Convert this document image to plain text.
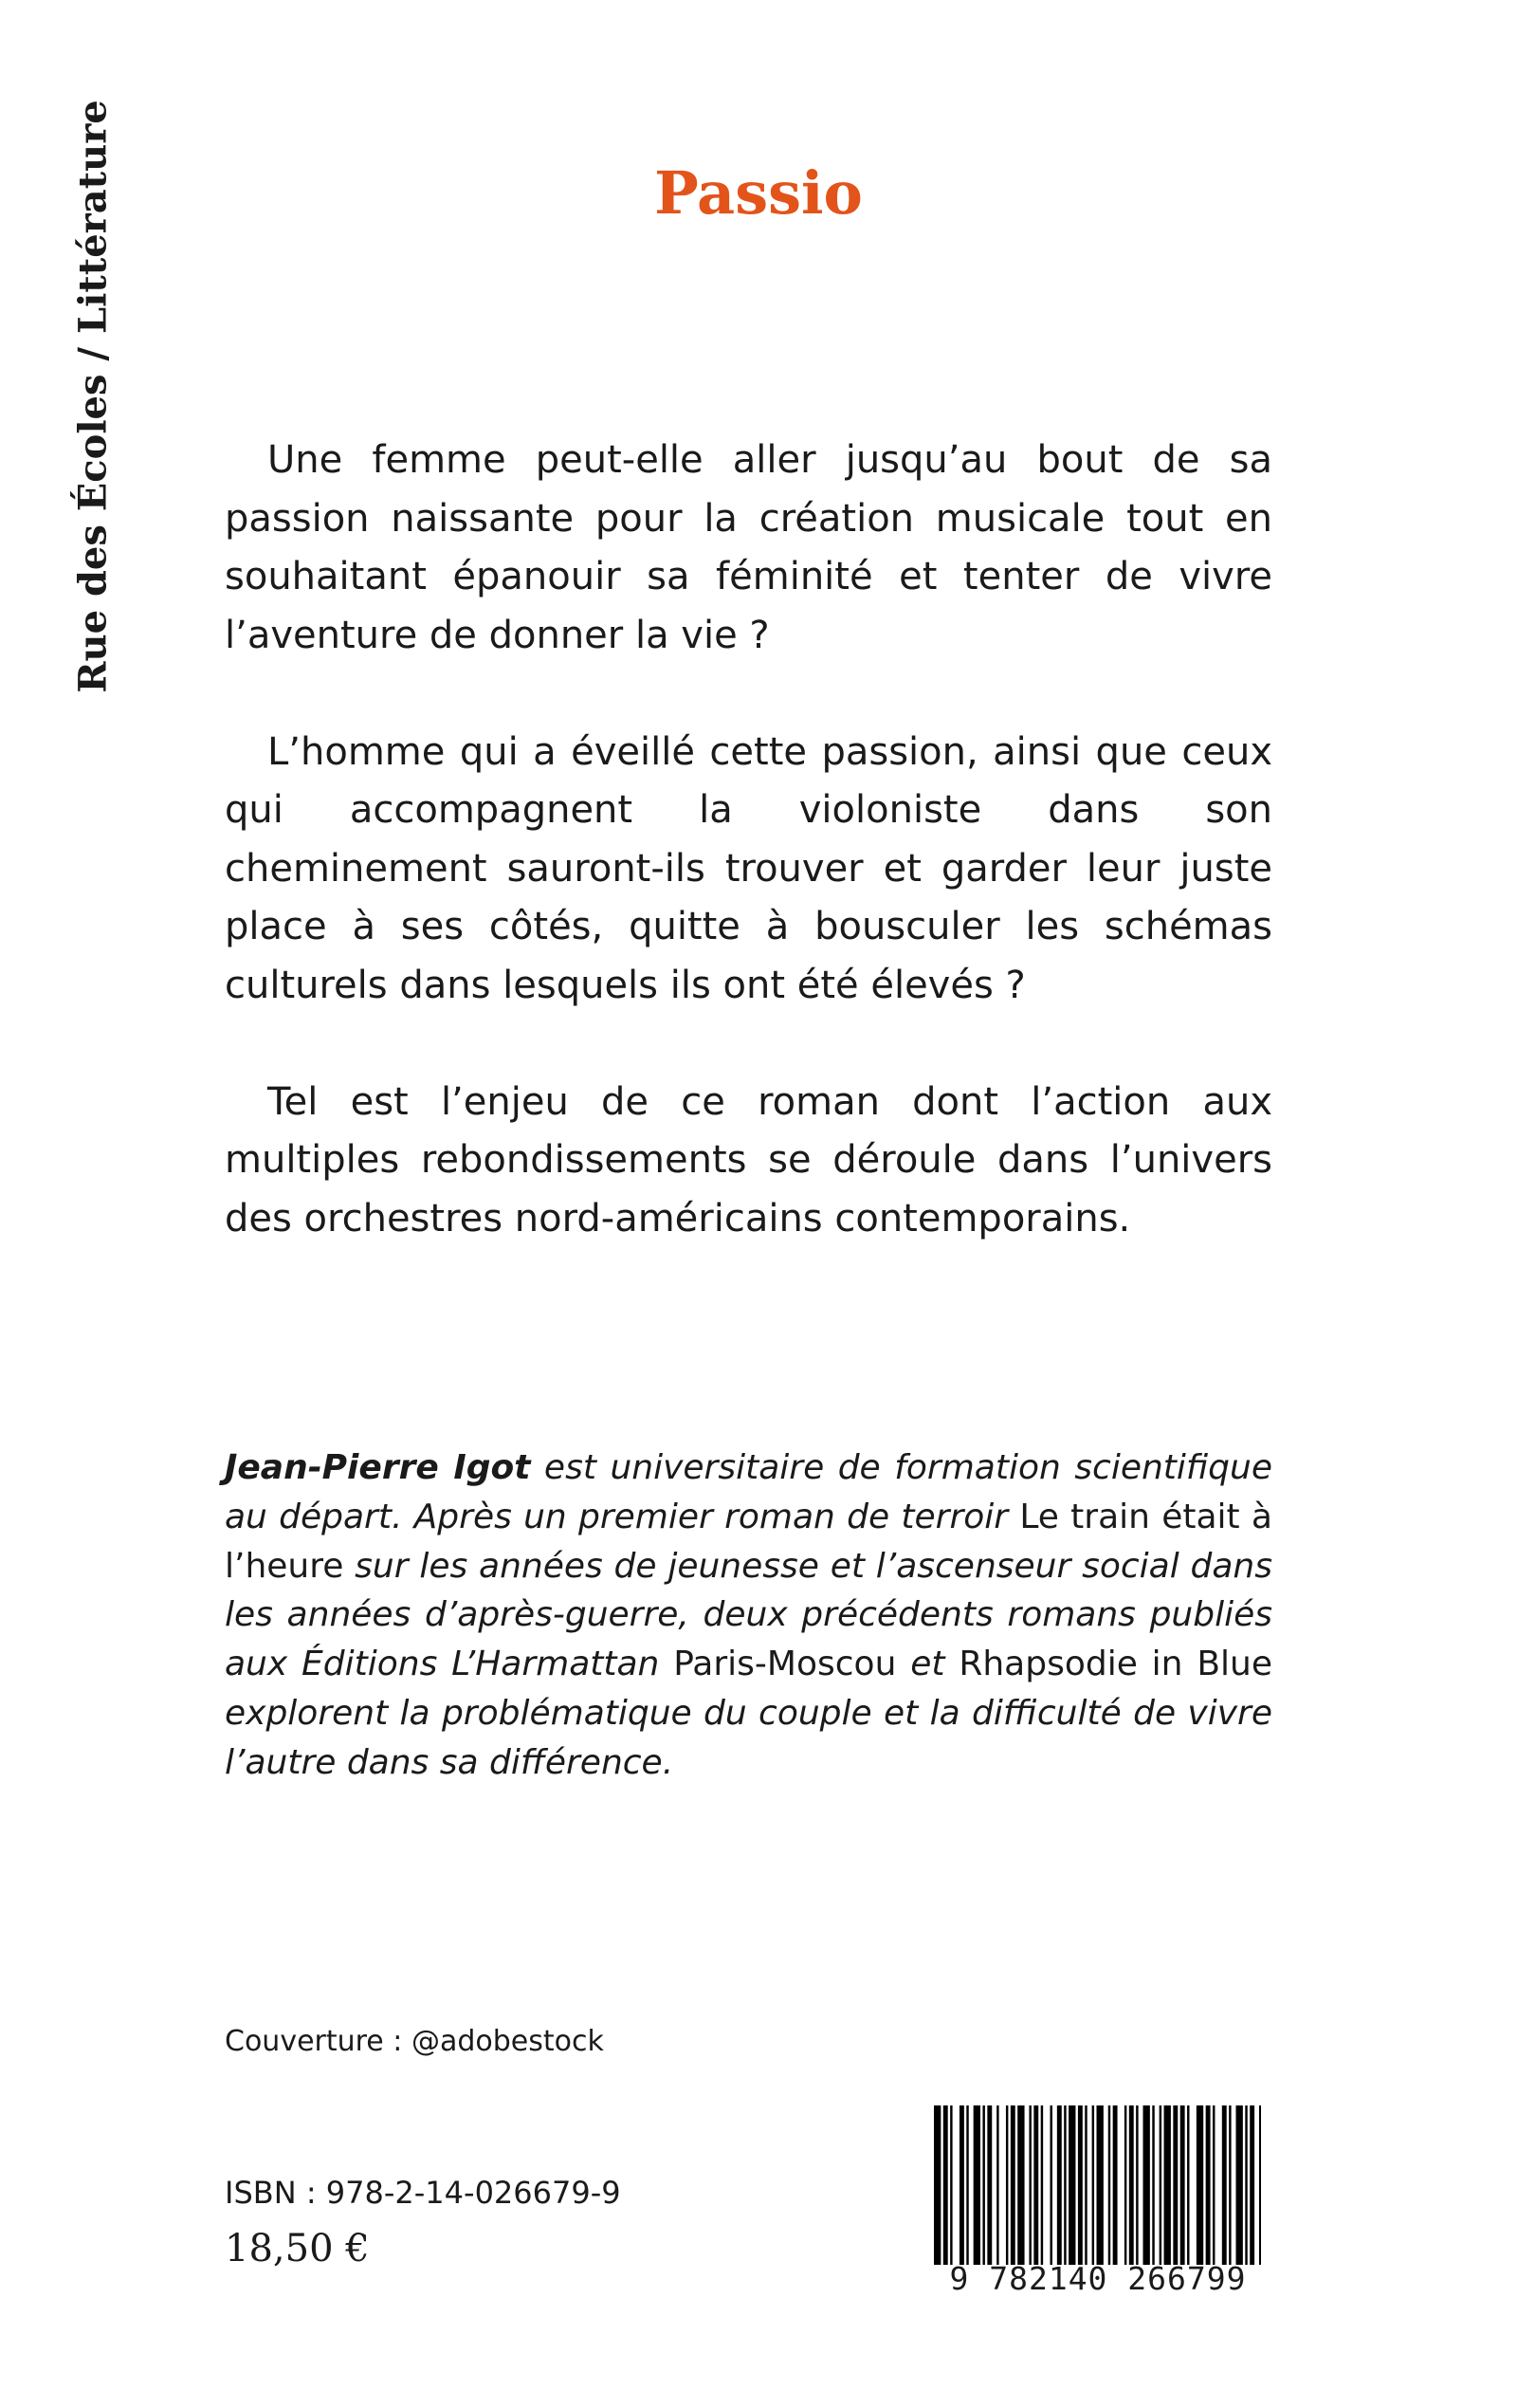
Rue des Écoles / Littérature	Passio

Une femme peut-elle aller jusqu’au bout de sa passion naissante pour la création musicale tout en souhaitant épanouir sa féminité et tenter de vivre l’aventure de donner la vie ?

L’homme qui a éveillé cette passion, ainsi que ceux qui accompagnent la violoniste dans son cheminement sauront-ils trouver et garder leur juste place à ses côtés, quitte à bousculer les schémas culturels dans lesquels ils ont été élevés ?

Tel est l’enjeu de ce roman dont l’action aux multiples rebondissements se déroule dans l’univers des orchestres nord-américains contemporains.

Jean-Pierre Igot est universitaire de formation scientifique au départ. Après un premier roman de terroir Le train était à l’heure sur les années de jeunesse et l’ascenseur social dans les années d’après-guerre, deux précédents romans publiés aux Éditions L’Harmattan Paris-Moscou et Rhapsodie in Blue explorent la problématique du couple et la difficulté de vivre l’autre dans sa différence.

Couverture : @adobestock
ISBN : 978-2-14-026679-9
18,50 €
9 782140 266799
